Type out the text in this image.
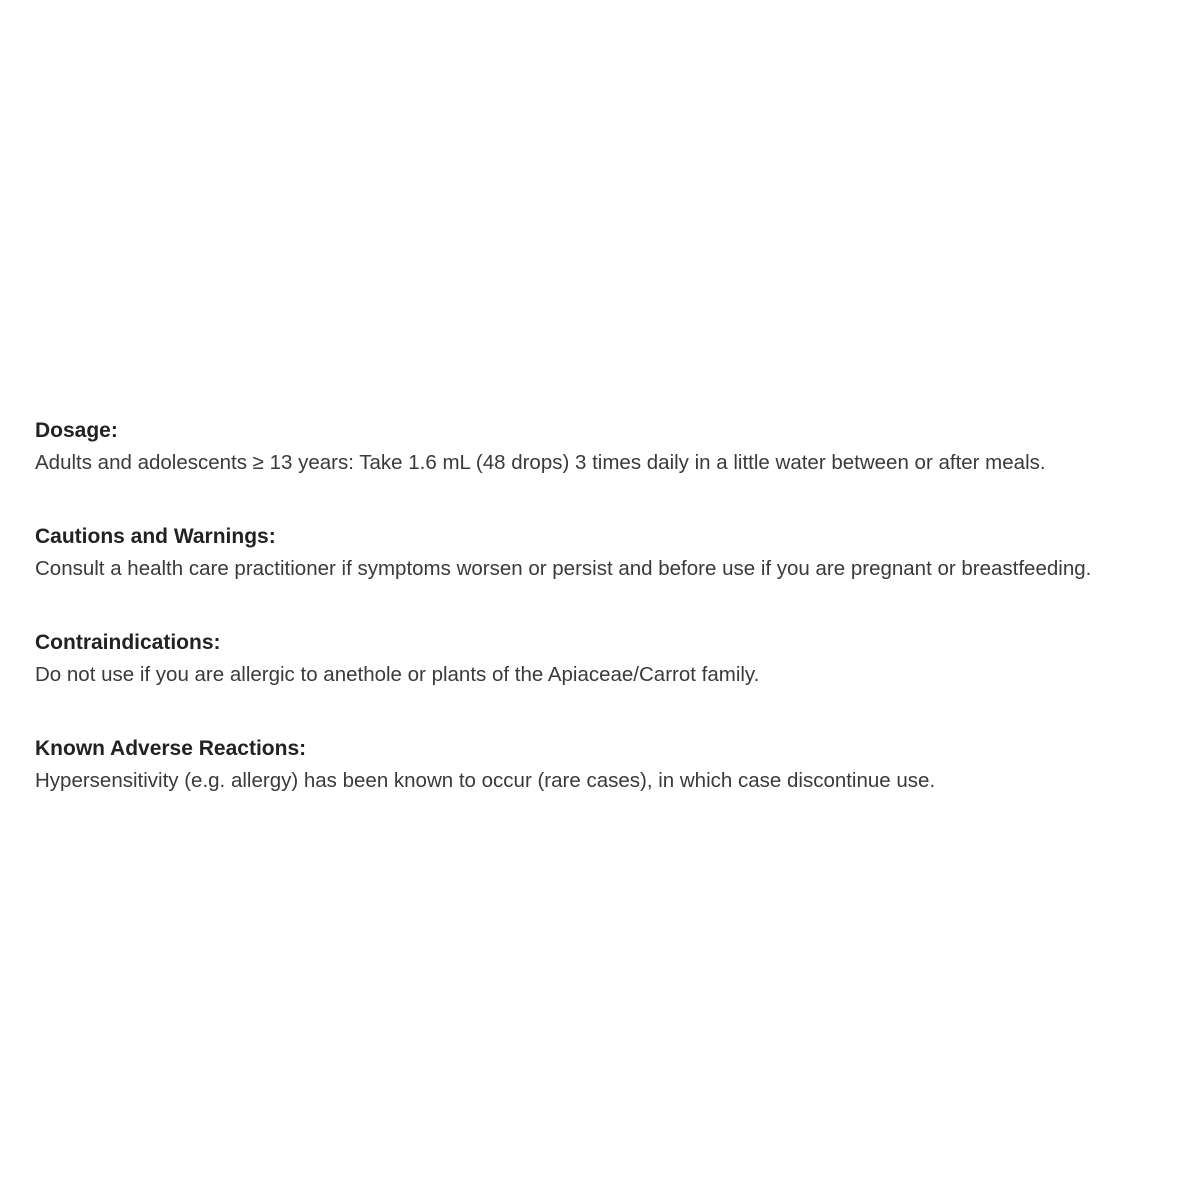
Dosage:

Adults and adolescents ≥ 13 years: Take 1.6 mL (48 drops) 3 times daily in a little water between or after meals.

Cautions and Warnings:

Consult a health care practitioner if symptoms worsen or persist and before use if you are pregnant or breastfeeding.

Contraindications:

Do not use if you are allergic to anethole or plants of the Apiaceae/Carrot family.

Known Adverse Reactions:

Hypersensitivity (e.g. allergy) has been known to occur (rare cases), in which case discontinue use.
